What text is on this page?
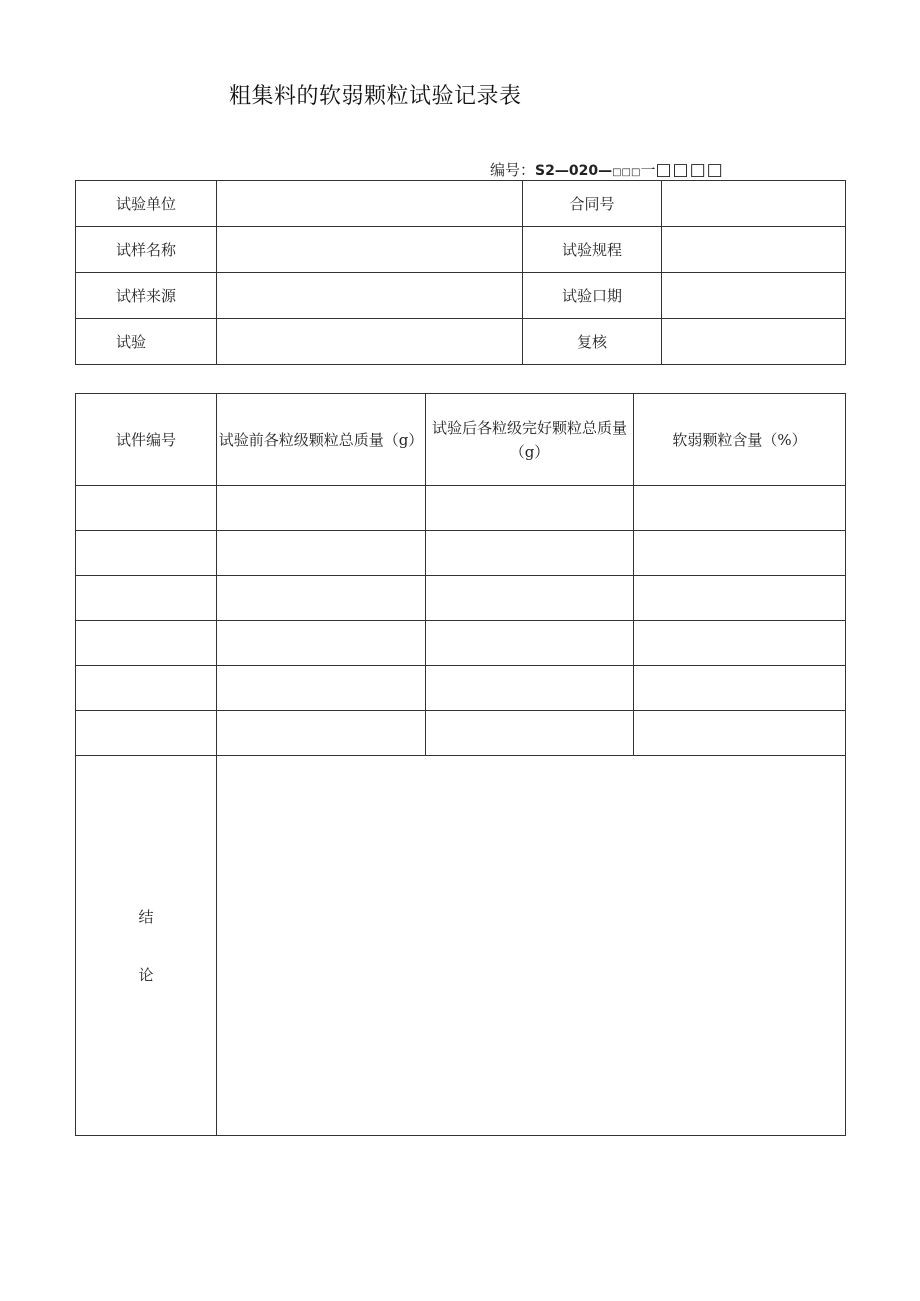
粗集料的软弱颗粒试验记录表
编号：S2—020—□□□一□□□□
试验单位		合同号	
试样名称		试验规程	
试样来源		试验口期	
试验		复核	
试件编号	试验前各粒级颗粒总质量（g）	试验后各粒级完好颗粒总质量（g）	软弱颗粒含量（%）

结
论			
